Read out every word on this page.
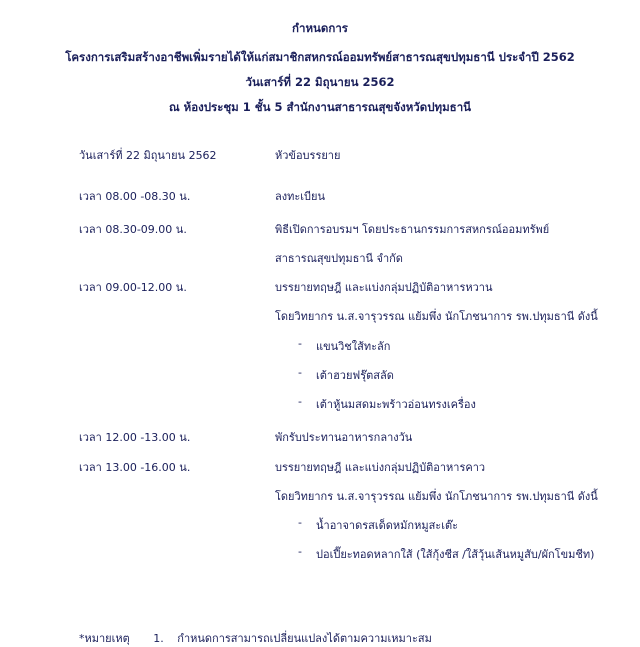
กำหนดการ
โครงการเสริมสร้างอาชีพเพิ่มรายได้ให้แก่สมาชิกสหกรณ์ออมทรัพย์สาธารณสุขปทุมธานี ประจำปี 2562
วันเสาร์ที่ 22 มิถุนายน 2562
ณ ห้องประชุม 1 ชั้น 5 สำนักงานสาธารณสุขจังหวัดปทุมธานี
วันเสาร์ที่ 22 มิถุนายน 2562	หัวข้อบรรยาย
เวลา 08.00 -08.30 น.	ลงทะเบียน
เวลา 08.30-09.00 น.	พิธีเปิดการอบรมฯ โดยประธานกรรมการสหกรณ์ออมทรัพย์
สาธารณสุขปทุมธานี จำกัด
เวลา 09.00-12.00 น.	บรรยายทฤษฎี และแบ่งกลุ่มปฏิบัติอาหารหวาน
โดยวิทยากร น.ส.จารุวรรณ แย้มพึ่ง นักโภชนาการ รพ.ปทุมธานี ดังนี้
- แขนวิชใส้ทะลัก
- เต้าฮวยฟรุ๊ตสลัด
- เต้าหู้นมสดมะพร้าวอ่อนทรงเครื่อง
เวลา 12.00 -13.00 น.	พักรับประทานอาหารกลางวัน
เวลา 13.00 -16.00 น.	บรรยายทฤษฎี และแบ่งกลุ่มปฏิบัติอาหารคาว
โดยวิทยากร น.ส.จารุวรรณ แย้มพึ่ง นักโภชนาการ รพ.ปทุมธานี ดังนี้
- น้ำอาจาดรสเด็ดหมักหมูสะเต๊ะ
- ปอเปี๊ยะทอดหลากใส้ (ใส้กุ้งชีส /ใส้วุ้นเส้นหมูสับ/ผักโขมชีท)
*หมายเหตุ 1. กำหนดการสามารถเปลี่ยนแปลงได้ตามความเหมาะสม
